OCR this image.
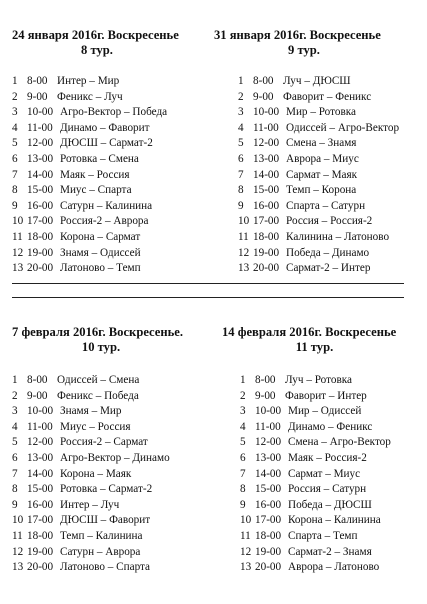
24 января 2016г. Воскресенье
8 тур.
1 8-00 Интер – Мир
2 9-00 Феникс – Луч
3 10-00 Агро-Вектор – Победа
4 11-00 Динамо – Фаворит
5 12-00 ДЮСШ – Сармат-2
6 13-00 Ротовка – Смена
7 14-00 Маяк – Россия
8 15-00 Миус – Спарта
9 16-00 Сатурн – Калинина
10 17-00 Россия-2 – Аврора
11 18-00 Корона – Сармат
12 19-00 Знамя – Одиссей
13 20-00 Латоново – Темп
31 января 2016г. Воскресенье
9 тур.
1 8-00 Луч – ДЮСШ
2 9-00 Фаворит – Феникс
3 10-00 Мир – Ротовка
4 11-00 Одиссей – Агро-Вектор
5 12-00 Смена – Знамя
6 13-00 Аврора – Миус
7 14-00 Сармат – Маяк
8 15-00 Темп – Корона
9 16-00 Спарта – Сатурн
10 17-00 Россия – Россия-2
11 18-00 Калинина – Латоново
12 19-00 Победа – Динамо
13 20-00 Сармат-2 – Интер
7 февраля 2016г. Воскресенье.
10 тур.
1 8-00 Одиссей – Смена
2 9-00 Феникс – Победа
3 10-00 Знамя – Мир
4 11-00 Миус – Россия
5 12-00 Россия-2 – Сармат
6 13-00 Агро-Вектор – Динамо
7 14-00 Корона – Маяк
8 15-00 Ротовка – Сармат-2
9 16-00 Интер – Луч
10 17-00 ДЮСШ – Фаворит
11 18-00 Темп – Калинина
12 19-00 Сатурн – Аврора
13 20-00 Латоново – Спарта
14 февраля 2016г. Воскресенье
11 тур.
1 8-00 Луч – Ротовка
2 9-00 Фаворит – Интер
3 10-00 Мир – Одиссей
4 11-00 Динамо – Феникс
5 12-00 Смена – Агро-Вектор
6 13-00 Маяк – Россия-2
7 14-00 Сармат – Миус
8 15-00 Россия – Сатурн
9 16-00 Победа – ДЮСШ
10 17-00 Корона – Калинина
11 18-00 Спарта – Темп
12 19-00 Сармат-2 – Знамя
13 20-00 Аврора – Латоново
